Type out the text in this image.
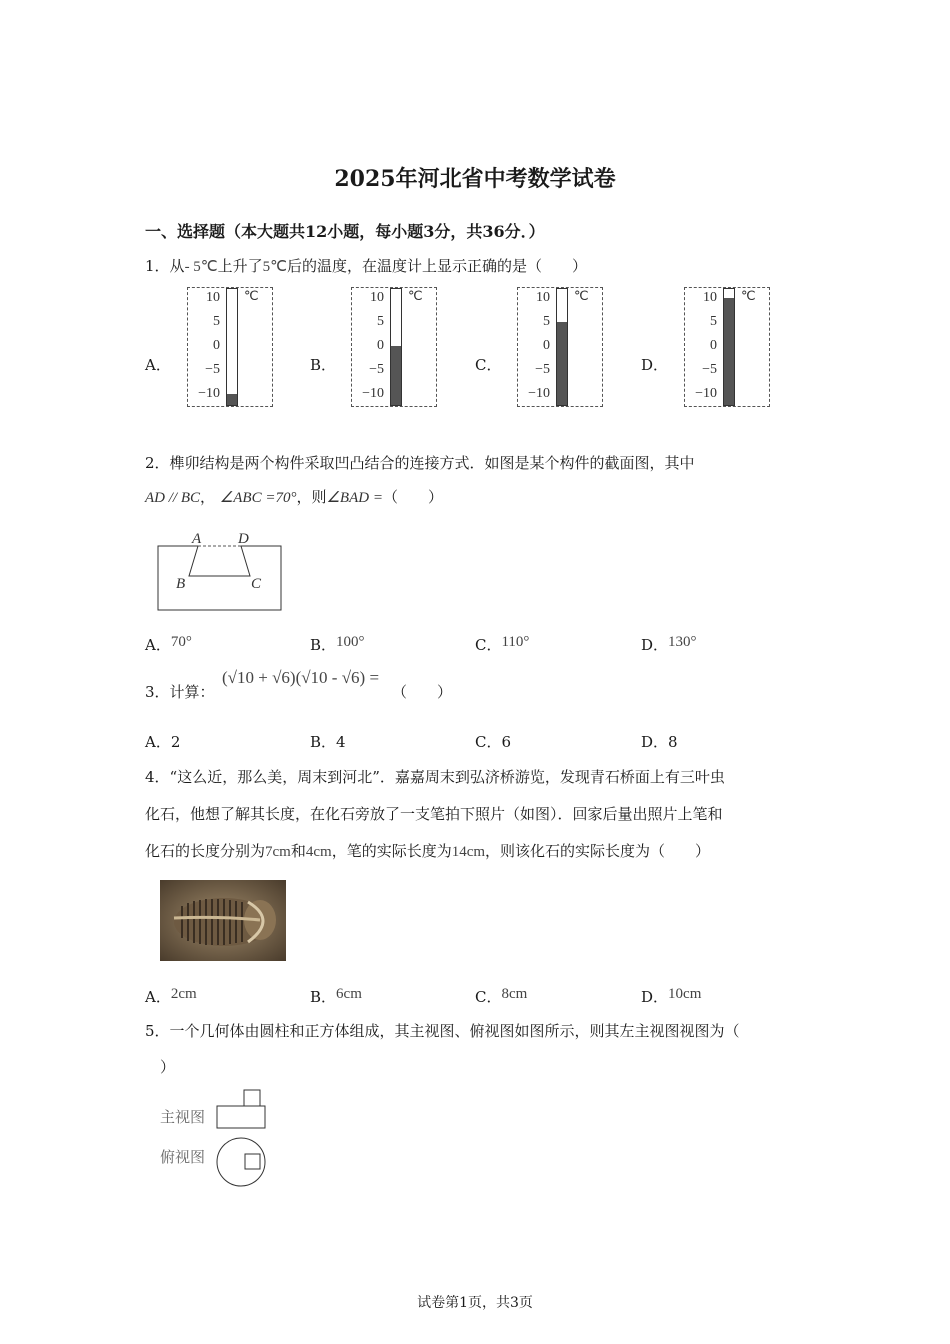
2025年河北省中考数学试卷
一、选择题（本大题共12小题，每小题3分，共36分．）
1．从- 5℃上升了5℃后的温度，在温度计上显示正确的是（　　）
A．
10
5
0
−5
−10
℃
B．
10
5
0
−5
−10
℃
C．
10
5
0
−5
−10
℃
D．
10
5
0
−5
−10
℃
2．榫卯结构是两个构件采取凹凸结合的连接方式．如图是某个构件的截面图，其中
AD // BC， ∠ABC =70°，则∠BAD =（　　）
A D
B	C
A．70°	B．100°	C．110°	D．130°
3．计算：
(√10 + √6)(√10 - √6) =
（　　）
A．2	B．4	C．6	D．8
4．“这么近，那么美，周末到河北”．嘉嘉周末到弘济桥游览，发现青石桥面上有三叶虫
化石，他想了解其长度，在化石旁放了一支笔拍下照片（如图）．回家后量出照片上笔和
化石的长度分别为7cm和4cm，笔的实际长度为14cm，则该化石的实际长度为（　　）
A．2cm	B．6cm	C．8cm	D．10cm
5．一个几何体由圆柱和正方体组成，其主视图、俯视图如图所示，则其左主视图视图为（
）
主视图
俯视图
试卷第1页，共3页
